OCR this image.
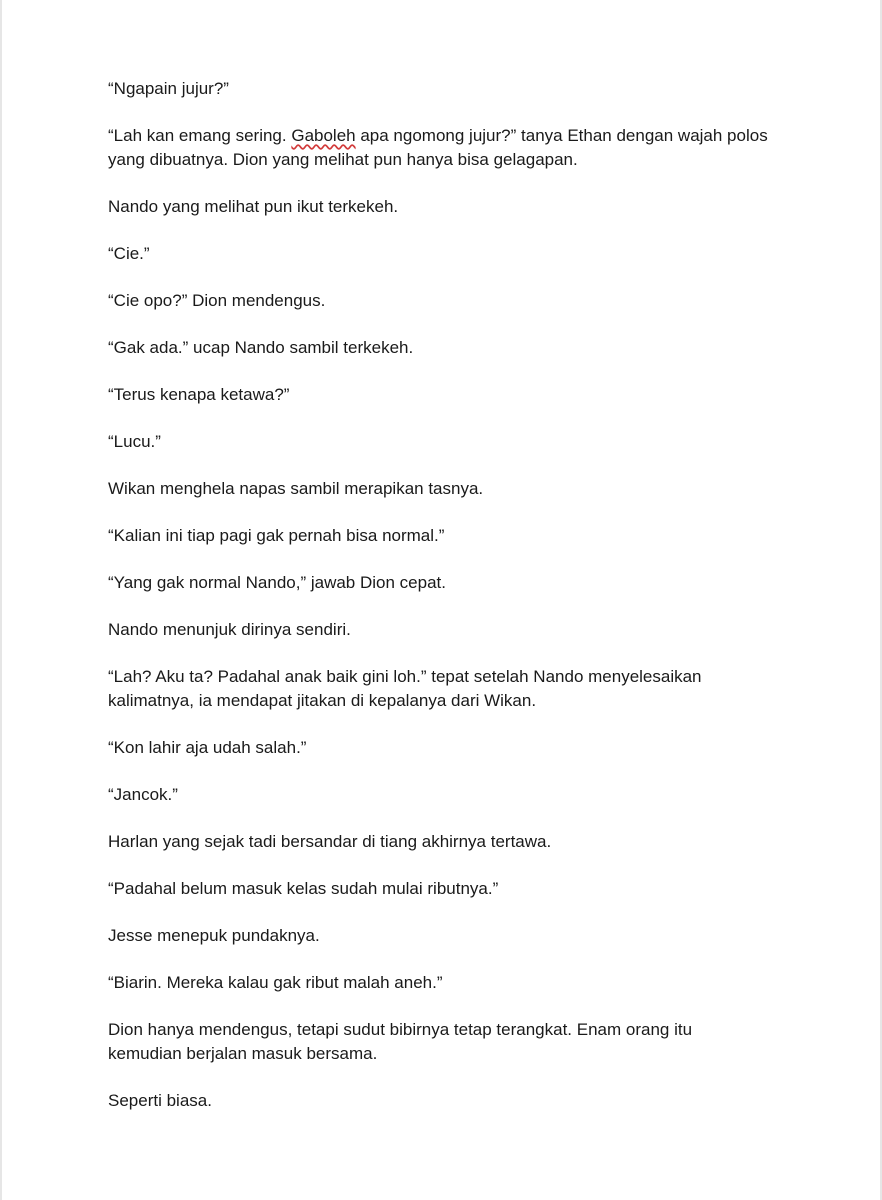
“Ngapain jujur?”

“Lah kan emang sering. Gaboleh apa ngomong jujur?” tanya Ethan dengan wajah polos yang dibuatnya. Dion yang melihat pun hanya bisa gelagapan.

Nando yang melihat pun ikut terkekeh.

“Cie.”

“Cie opo?” Dion mendengus.

“Gak ada.” ucap Nando sambil terkekeh.

“Terus kenapa ketawa?”

“Lucu.”

Wikan menghela napas sambil merapikan tasnya.

“Kalian ini tiap pagi gak pernah bisa normal.”

“Yang gak normal Nando,” jawab Dion cepat.

Nando menunjuk dirinya sendiri.

“Lah? Aku ta? Padahal anak baik gini loh.” tepat setelah Nando menyelesaikan kalimatnya, ia mendapat jitakan di kepalanya dari Wikan.

“Kon lahir aja udah salah.”

“Jancok.”

Harlan yang sejak tadi bersandar di tiang akhirnya tertawa.

“Padahal belum masuk kelas sudah mulai ributnya.”

Jesse menepuk pundaknya.

“Biarin. Mereka kalau gak ribut malah aneh.”

Dion hanya mendengus, tetapi sudut bibirnya tetap terangkat. Enam orang itu kemudian berjalan masuk bersama.

Seperti biasa.
